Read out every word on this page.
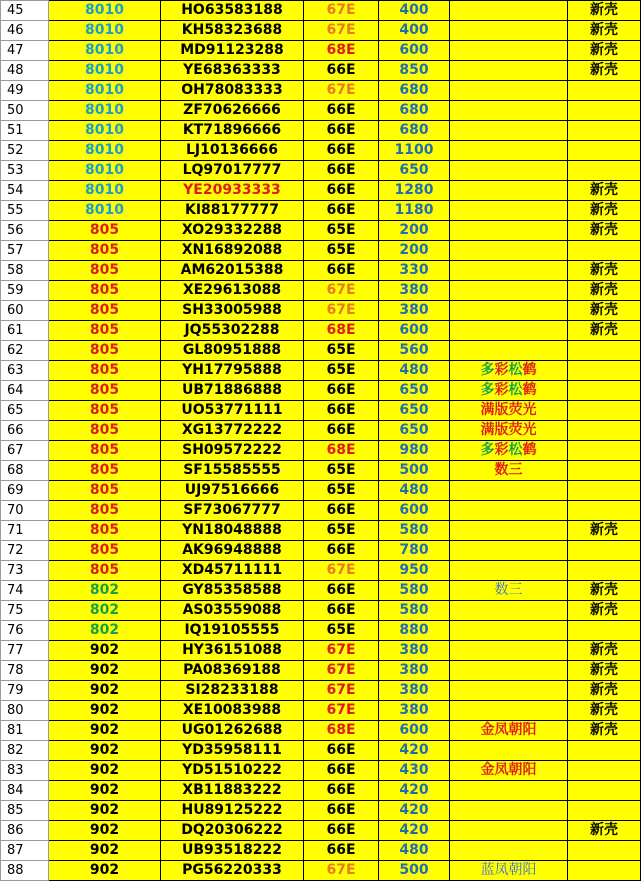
45	8010	HO63583188	67E	400		新壳
46	8010	KH58323688	67E	400		新壳
47	8010	MD91123288	68E	600		新壳
48	8010	YE68363333	66E	850		新壳
49	8010	OH78083333	67E	680		
50	8010	ZF70626666	66E	680		
51	8010	KT71896666	66E	680		
52	8010	LJ10136666	66E	1100		
53	8010	LQ97017777	66E	650		
54	8010	YE20933333	66E	1280		新壳
55	8010	KI88177777	66E	1180		新壳
56	805	XO29332288	65E	200		新壳
57	805	XN16892088	65E	200		
58	805	AM62015388	66E	330		新壳
59	805	XE29613088	67E	380		新壳
60	805	SH33005988	67E	380		新壳
61	805	JQ55302288	68E	600		新壳
62	805	GL80951888	65E	560		
63	805	YH17795888	65E	480	多彩松鹤	
64	805	UB71886888	66E	650	多彩松鹤	
65	805	UO53771111	66E	650	满版荧光	
66	805	XG13772222	66E	650	满版荧光	
67	805	SH09572222	68E	980	多彩松鹤	
68	805	SF15585555	65E	500	数三	
69	805	UJ97516666	65E	480		
70	805	SF73067777	66E	600		
71	805	YN18048888	65E	580		新壳
72	805	AK96948888	66E	780		
73	805	XD45711111	67E	950		
74	802	GY85358588	66E	580	数三	新壳
75	802	AS03559088	66E	580		新壳
76	802	IQ19105555	65E	880		
77	902	HY36151088	67E	380		新壳
78	902	PA08369188	67E	380		新壳
79	902	SI28233188	67E	380		新壳
80	902	XE10083988	67E	380		新壳
81	902	UG01262688	68E	600	金凤朝阳	新壳
82	902	YD35958111	66E	420		
83	902	YD51510222	66E	430	金凤朝阳	
84	902	XB11883222	66E	420		
85	902	HU89125222	66E	420		
86	902	DQ20306222	66E	420		新壳
87	902	UB93518222	66E	480		
88	902	PG56220333	67E	500	蓝凤朝阳	
